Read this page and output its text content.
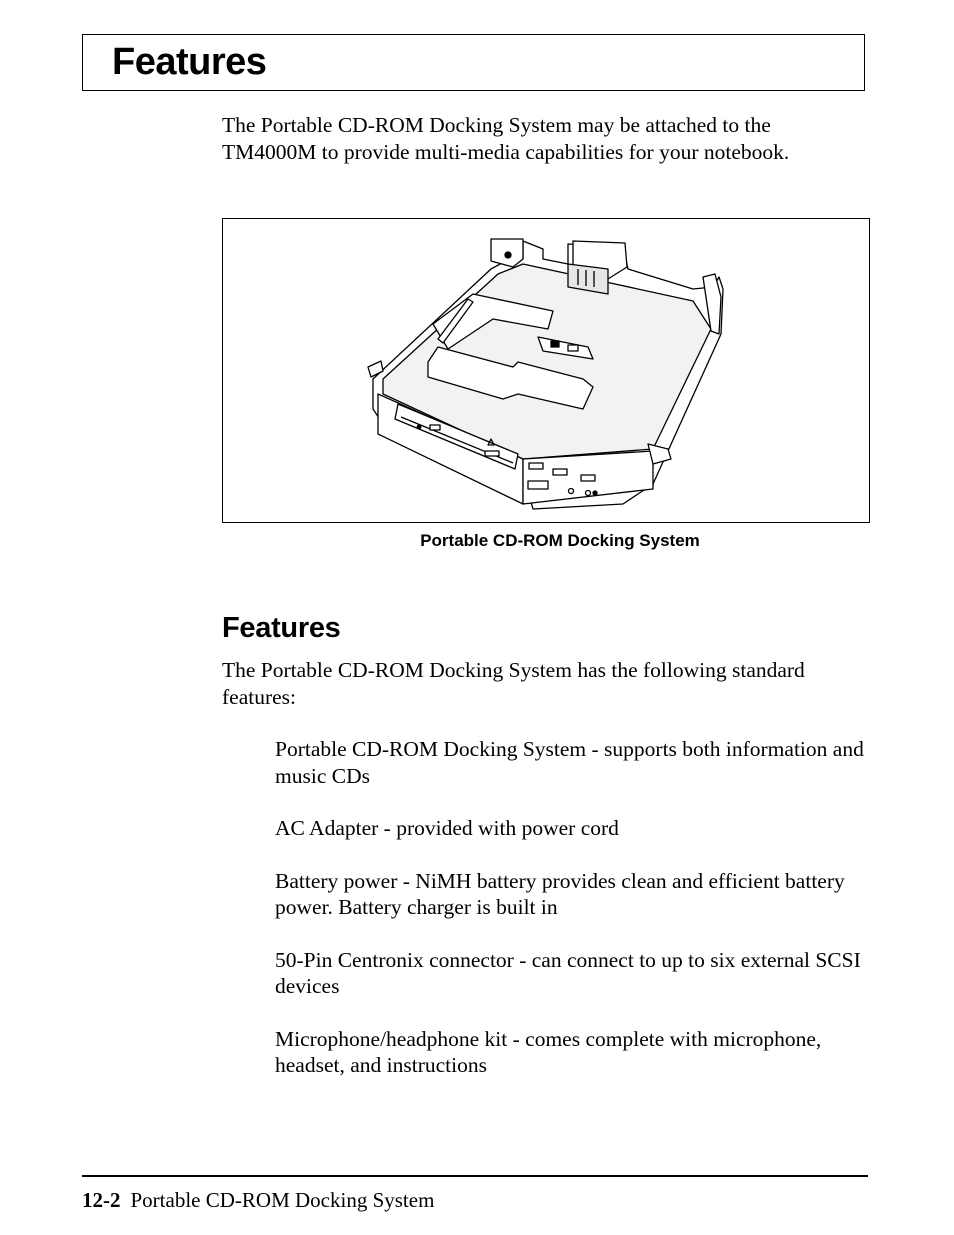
Features

The Portable CD-ROM Docking System may be attached to the TM4000M to provide multi-media capabilities for your notebook.

Portable CD-ROM Docking System
Features

The Portable CD-ROM Docking System has the following standard features:

Portable CD-ROM Docking System - supports both information and music CDs
AC Adapter - provided with power cord
Battery power - NiMH battery provides clean and efficient battery power. Battery charger is built in
50-Pin Centronix connector - can connect to up to six external SCSI devices
Microphone/headphone kit - comes complete with microphone, headset, and instructions

12-2 Portable CD-ROM Docking System
